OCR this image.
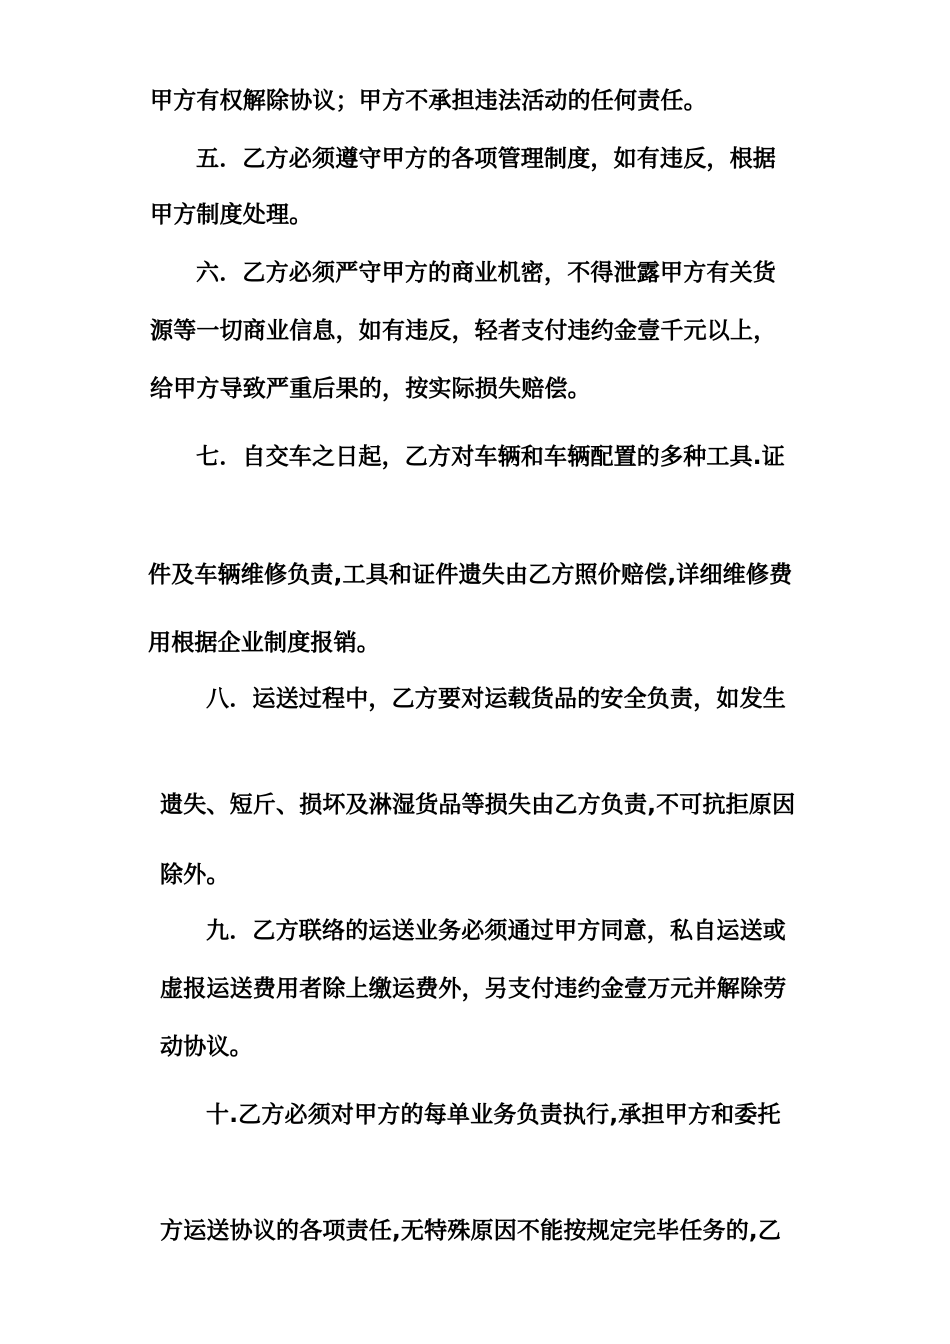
甲方有权解除协议；甲方不承担违法活动的任何责任。
五．乙方必须遵守甲方的各项管理制度，如有违反，根据
甲方制度处理。
六．乙方必须严守甲方的商业机密，不得泄露甲方有关货
源等一切商业信息，如有违反，轻者支付违约金壹千元以上，
给甲方导致严重后果的，按实际损失赔偿。
七．自交车之日起，乙方对车辆和车辆配置的多种工具.证
件及车辆维修负责,工具和证件遗失由乙方照价赔偿,详细维修费
用根据企业制度报销。
八．运送过程中，乙方要对运载货品的安全负责，如发生
遗失、短斤、损坏及淋湿货品等损失由乙方负责,不可抗拒原因
除外。
九．乙方联络的运送业务必须通过甲方同意，私自运送或
虚报运送费用者除上缴运费外，另支付违约金壹万元并解除劳
动协议。
十.乙方必须对甲方的每单业务负责执行,承担甲方和委托
方运送协议的各项责任,无特殊原因不能按规定完毕任务的,乙
